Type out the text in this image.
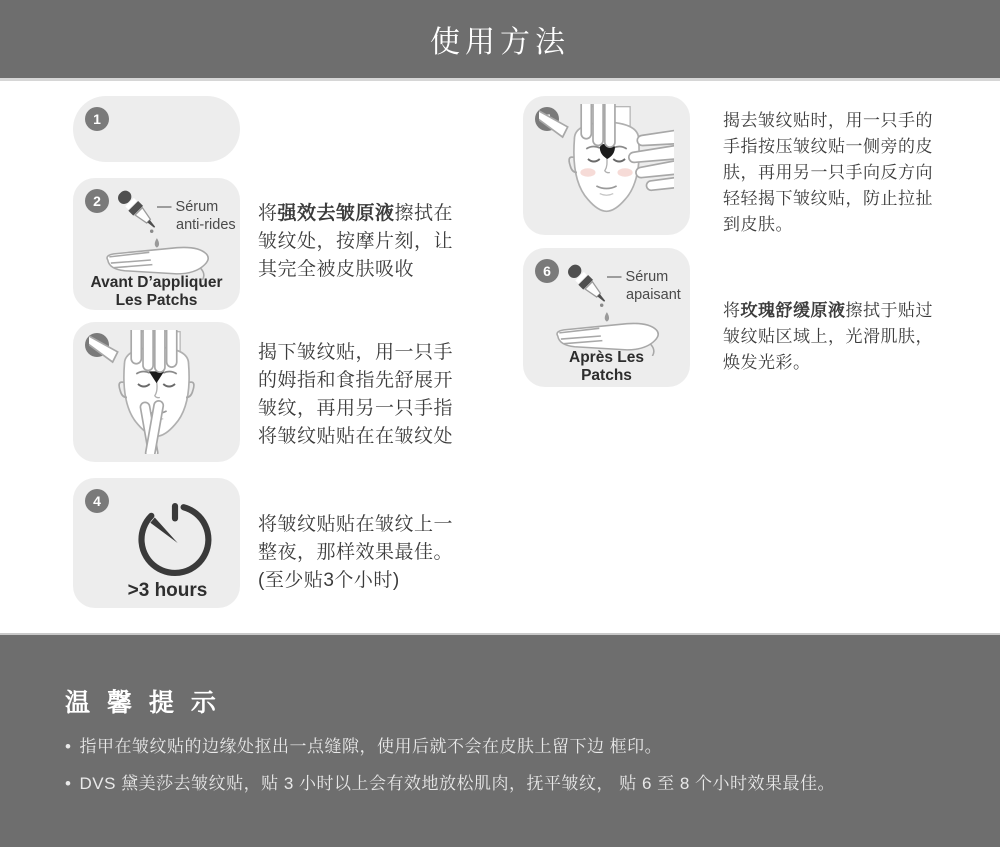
使用方法
1
2	— Sérum
anti-rides
Avant D’appliquer
Les Patchs
4
>3 hours
6	— Sérum
apaisant
Après Les
Patchs
将强效去皱原液擦拭在皱纹处，按摩片刻，让其完全被皮肤吸收
揭下皱纹贴，用一只手的姆指和食指先舒展开皱纹，再用另一只手指将皱纹贴贴在在皱纹处
将皱纹贴贴在皱纹上一整夜，那样效果最佳。(至少贴3个小时)
揭去皱纹贴时，用一只手的手指按压皱纹贴一侧旁的皮肤，再用另一只手向反方向轻轻揭下皱纹贴，防止拉扯到皮肤。
将玫瑰舒缓原液擦拭于贴过皱纹贴区域上，光滑肌肤，焕发光彩。
温 馨 提 示
• 指甲在皱纹贴的边缘处抠出一点缝隙，使用后就不会在皮肤上留下边 框印。
• DVS 黛美莎去皱纹贴，贴 3 小时以上会有效地放松肌肉，抚平皱纹， 贴 6 至 8 个小时效果最佳。
